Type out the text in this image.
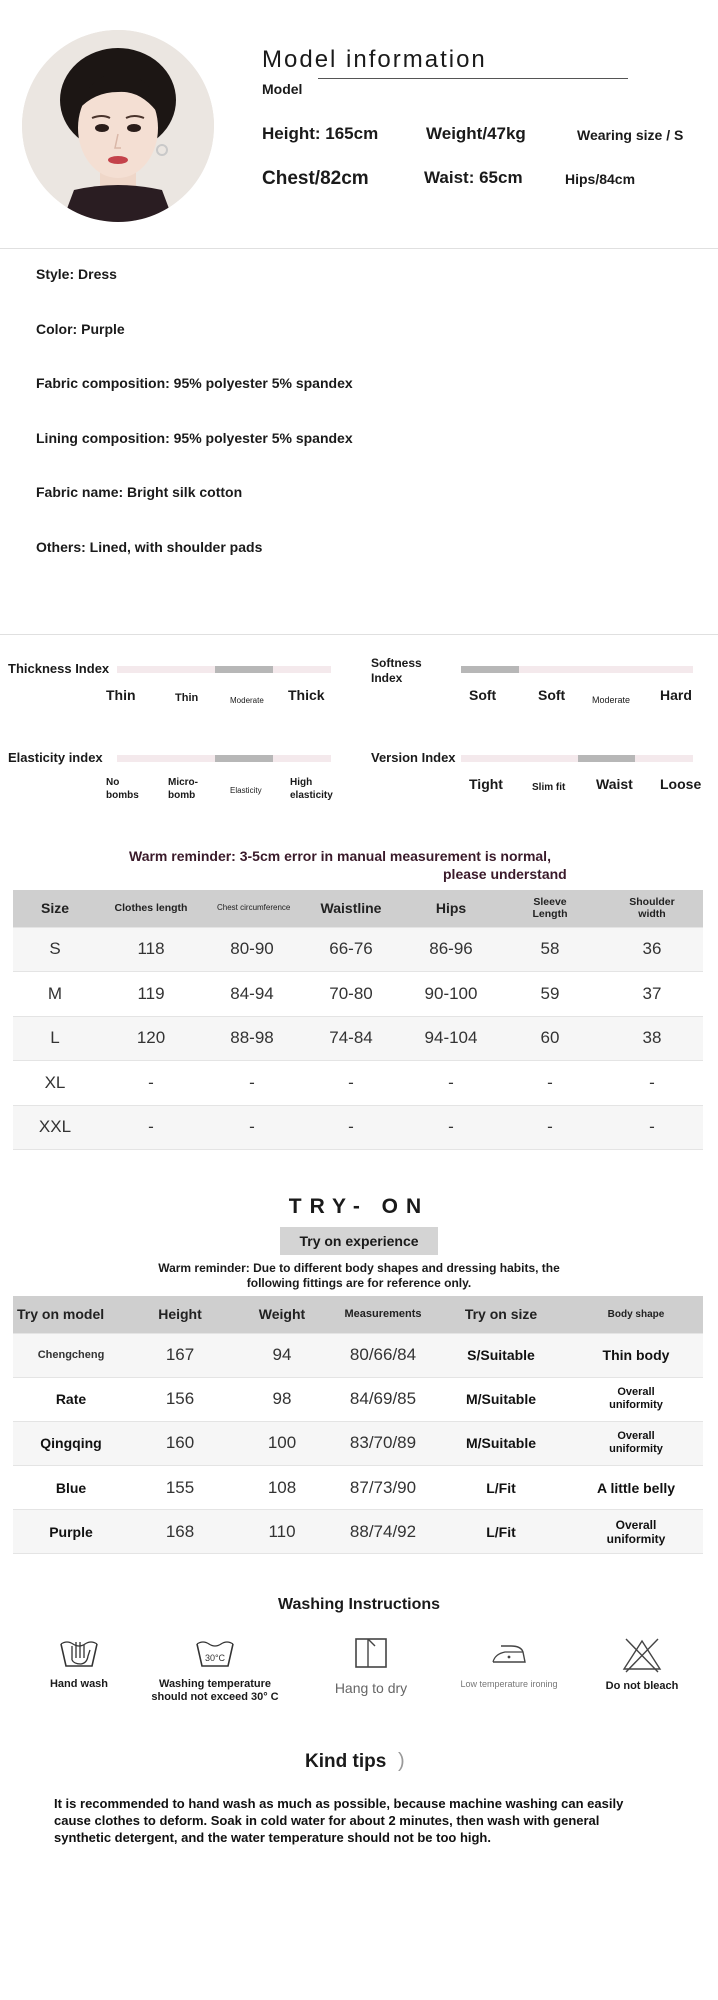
Model information
Model
Height: 165cm	Weight/47kg	Wearing size / S
Chest/82cm	Waist: 65cm	Hips/84cm
Style: Dress
Color: Purple
Fabric composition: 95% polyester 5% spandex
Lining composition: 95% polyester 5% spandex
Fabric name: Bright silk cotton
Others: Lined, with shoulder pads
Thickness Index
Thin	Thin	Moderate Thick
Softness Index
Soft	Soft	Moderate Hard
Elasticity index
No bombs
Micro-bomb	Elasticity
High elasticity
Version Index
Tight	Slim fit Waist Loose
Warm reminder: 3-5cm error in manual measurement is normal,
please understand
Size	Clothes length	Chest circumference	Waistline	Hips	Sleeve Length	Shoulder width
S	118	80-90	66-76	86-96	58	36
M	119	84-94	70-80	90-100	59	37
L	120	88-98	74-84	94-104	60	38
XL	-	-	-	-	-	-
XXL	-	-	-	-	-	-
TRY- ON
Try on experience
Warm reminder: Due to different body shapes and dressing habits, the
following fittings are for reference only.
Try on model	Height	Weight	Measurements	Try on size	Body shape
Chengcheng	167	94	80/66/84	S/Suitable	Thin body
Rate	156	98	84/69/85	M/Suitable	Overall uniformity
Qingqing	160	100	83/70/89	M/Suitable	Overall uniformity
Blue	155	108	87/73/90	L/Fit	A little belly
Purple	168	110	88/74/92	L/Fit	Overall uniformity
Washing Instructions
Hand wash
30°C
Washing temperature should not exceed 30° C
Hang to dry	Low temperature ironing	Do not bleach
Kind tips )
It is recommended to hand wash as much as possible, because machine washing can easily cause clothes to deform. Soak in cold water for about 2 minutes, then wash with general synthetic detergent, and the water temperature should not be too high.
